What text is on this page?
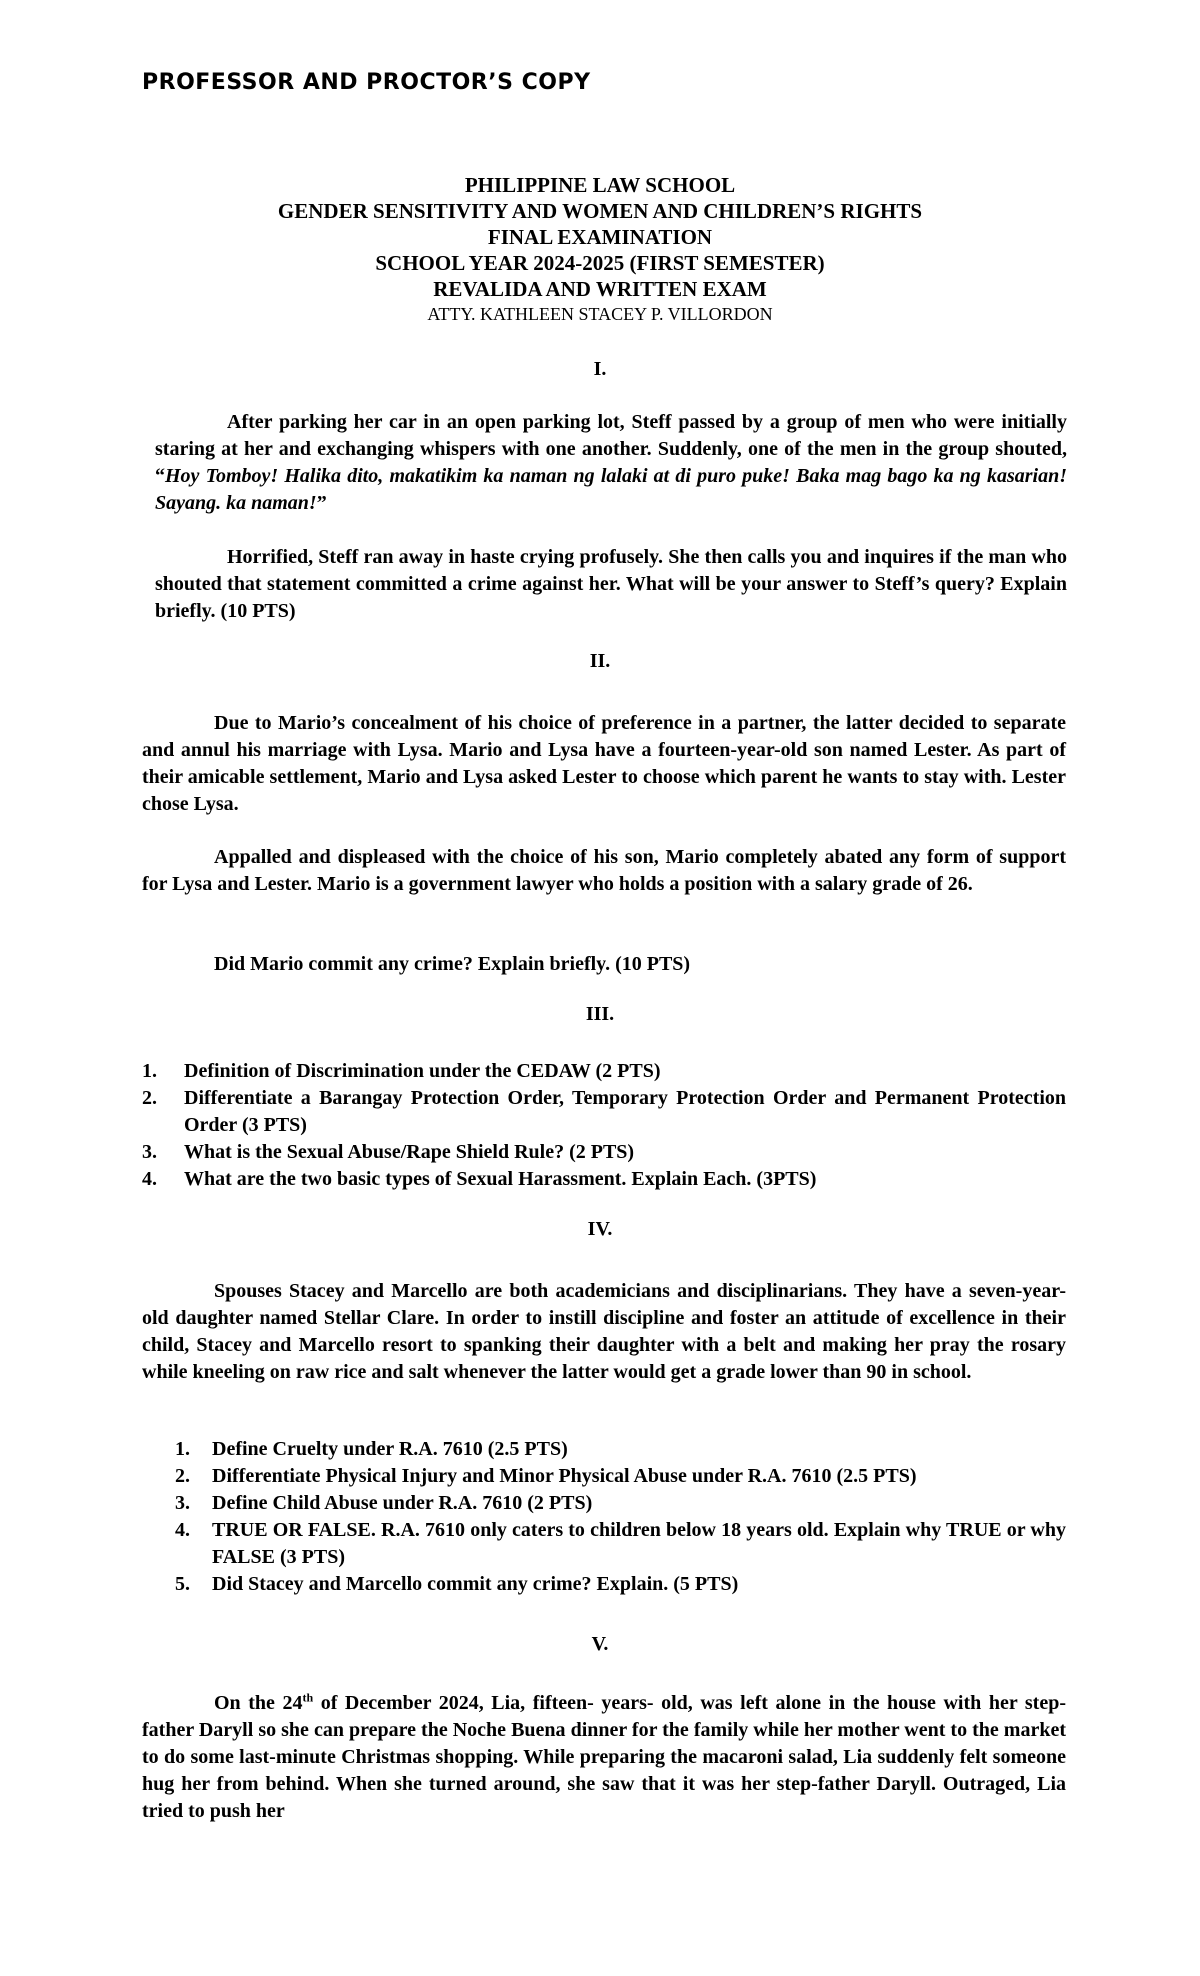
PROFESSOR AND PROCTOR’S COPY

PHILIPPINE LAW SCHOOL

GENDER SENSITIVITY AND WOMEN AND CHILDREN’S RIGHTS

FINAL EXAMINATION

SCHOOL YEAR 2024-2025 (FIRST SEMESTER)

REVALIDA AND WRITTEN EXAM

ATTY. KATHLEEN STACEY P. VILLORDON

I.

After parking her car in an open parking lot, Steff passed by a group of men who were initially staring at her and exchanging whispers with one another. Suddenly, one of the men in the group shouted, “Hoy Tomboy! Halika dito, makatikim ka naman ng lalaki at di puro puke! Baka mag bago ka ng kasarian! Sayang. ka naman!”

Horrified, Steff ran away in haste crying profusely. She then calls you and inquires if the man who shouted that statement committed a crime against her. What will be your answer to Steff’s query? Explain briefly. (10 PTS)

II.

Due to Mario’s concealment of his choice of preference in a partner, the latter decided to separate and annul his marriage with Lysa. Mario and Lysa have a fourteen-year-old son named Lester. As part of their amicable settlement, Mario and Lysa asked Lester to choose which parent he wants to stay with. Lester chose Lysa.

Appalled and displeased with the choice of his son, Mario completely abated any form of support for Lysa and Lester. Mario is a government lawyer who holds a position with a salary grade of 26.

Did Mario commit any crime? Explain briefly. (10 PTS)

III.

1. Definition of Discrimination under the CEDAW (2 PTS)
2. Differentiate a Barangay Protection Order, Temporary Protection Order and Permanent Protection Order (3 PTS)
3. What is the Sexual Abuse/Rape Shield Rule? (2 PTS)
4. What are the two basic types of Sexual Harassment. Explain Each. (3PTS)

IV.

Spouses Stacey and Marcello are both academicians and disciplinarians. They have a seven-year-old daughter named Stellar Clare. In order to instill discipline and foster an attitude of excellence in their child, Stacey and Marcello resort to spanking their daughter with a belt and making her pray the rosary while kneeling on raw rice and salt whenever the latter would get a grade lower than 90 in school.

1. Define Cruelty under R.A. 7610 (2.5 PTS)
2. Differentiate Physical Injury and Minor Physical Abuse under R.A. 7610 (2.5 PTS)
3. Define Child Abuse under R.A. 7610 (2 PTS)
4. TRUE OR FALSE. R.A. 7610 only caters to children below 18 years old. Explain why TRUE or why FALSE (3 PTS)
5. Did Stacey and Marcello commit any crime? Explain. (5 PTS)

V.

On the 24th of December 2024, Lia, fifteen- years- old, was left alone in the house with her step-father Daryll so she can prepare the Noche Buena dinner for the family while her mother went to the market to do some last-minute Christmas shopping. While preparing the macaroni salad, Lia suddenly felt someone hug her from behind. When she turned around, she saw that it was her step-father Daryll. Outraged, Lia tried to push her
